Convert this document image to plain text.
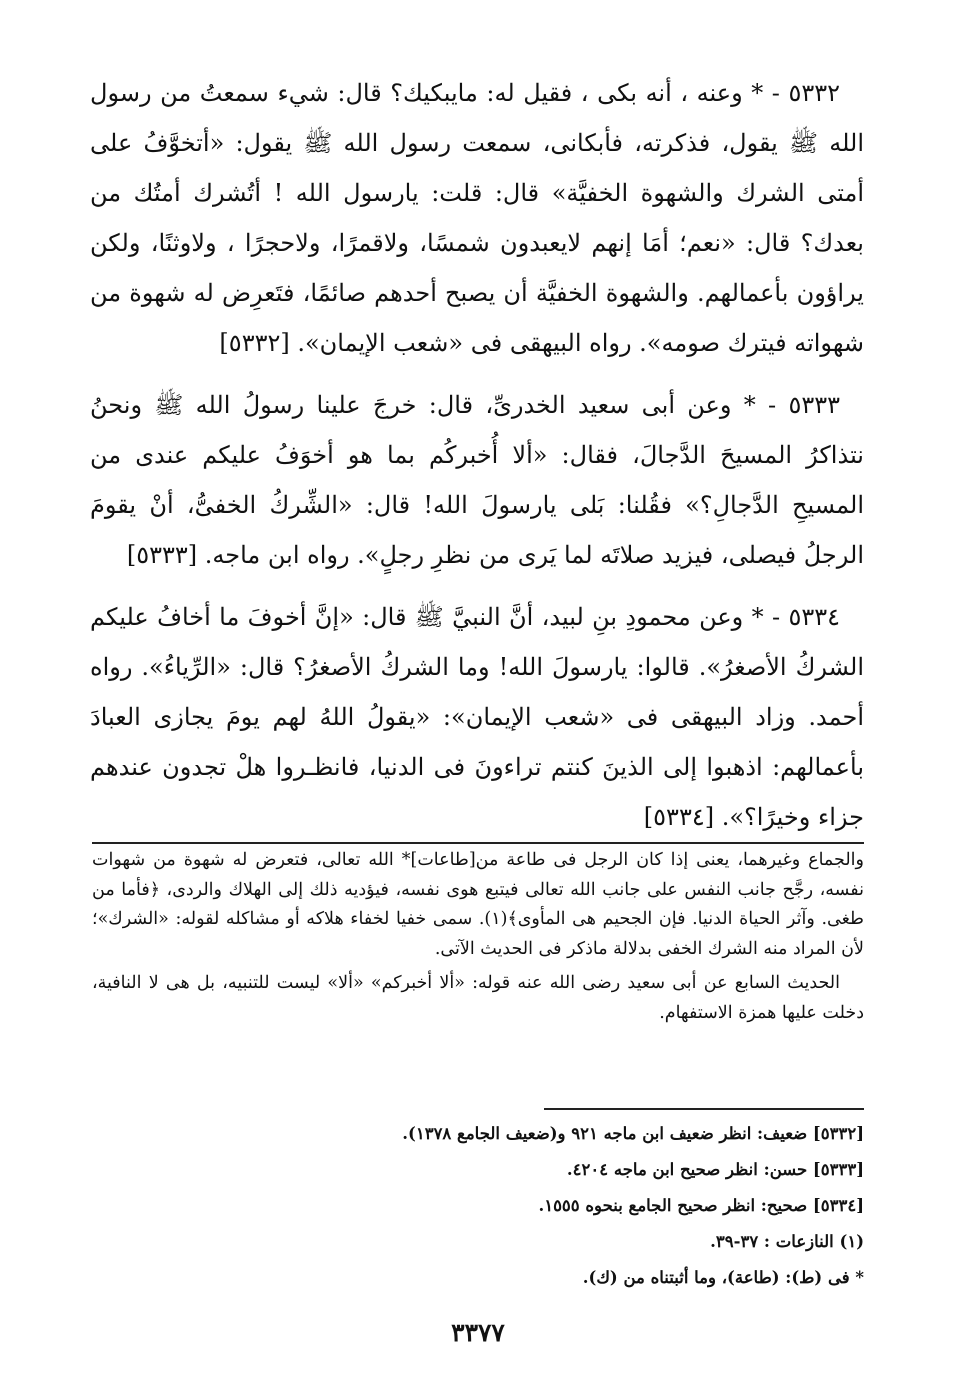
٥٣٣٢ - * وعنه ، أنه بكى ، فقيل له: مايبكيك؟ قال: شيء سمعتُ من رسول الله ﷺ يقول، فذكرته، فأبكانى، سمعت رسول الله ﷺ يقول: «أتخوَّفُ على أمتى الشرك والشهوة الخفيَّة» قال: قلت: يارسول الله ! أتُشرك أمتُك من بعدك؟ قال: «نعم؛ أمَا إنهم لايعبدون شمسًا، ولاقمرًا، ولاحجرًا ، ولاوثنًا، ولكن يراؤون بأعمالهم. والشهوة الخفيَّة أن يصبح أحدهم صائمًا، فتَعرِض له شهوة من شهواته فيترك صومه». رواه البيهقى فى «شعب الإيمان». [٥٣٣٢]

٥٣٣٣ - * وعن أبى سعيد الخدرىِّ، قال: خرجَ علينا رسولُ الله ﷺ ونحنُ نتذاكرُ المسيحَ الدَّجالَ، فقال: «ألا أُخبركُم بما هو أخوَفُ عليكم عندى من المسيحِ الدَّجالِ؟» فقُلنا: بَلى يارسولَ الله! قال: «الشِّركُ الخفىُّ، أنْ يقومَ الرجلُ فيصلى، فيزيد صلاتَه لما يَرى من نظرِ رجلٍ». رواه ابن ماجه. [٥٣٣٣]

٥٣٣٤ - * وعن محمودِ بنِ لبيد، أنَّ النبيَّ ﷺ قال: «إنَّ أخوفَ ما أخافُ عليكم الشركُ الأصغرُ». قالوا: يارسولَ الله! وما الشركُ الأصغرُ؟ قال: «الرِّياءُ». رواه أحمد. وزاد البيهقى فى «شعب الإيمان»: «يقولُ اللهُ لهم يومَ يجازى العبادَ بأعمالهم: اذهبوا إلى الذينَ كنتم تراءونَ فى الدنيا، فانظـروا هلْ تجدون عندهم جزاء وخيرًا؟». [٥٣٣٤]

والجماع وغيرهما، يعنى إذا كان الرجل فى طاعة من[طاعات]* الله تعالى، فتعرض له شهوة من شهوات نفسه، رجَّح جانب النفس على جانب الله تعالى فيتبع هوى نفسه، فيؤديه ذلك إلى الهلاك والردى، ﴿فأما من طغى. وآثر الحياة الدنيا. فإن الجحيم هى المأوى﴾(١). سمى خفيا لخفاء هلاكه أو مشاكله لقوله: «الشرك»؛ لأن المراد منه الشرك الخفى بدلالة ماذكر فى الحديث الآتى.

الحديث السابع عن أبى سعيد رضى الله عنه قوله: «ألا أخبركم» «ألا» ليست للتنبيه، بل هى لا النافية، دخلت عليها همزة الاستفهام.

[٥٣٣٢] ضعيف: انظر ضعيف ابن ماجه ٩٢١ و(ضعيف الجامع ١٣٧٨).

[٥٣٣٣] حسن: انظر صحيح ابن ماجه ٤٢٠٤.

[٥٣٣٤] صحيح: انظر صحيح الجامع بنحوه ١٥٥٥.

(١) النازعات : ٣٧-٣٩.

* فى (ط): (طاعة)، وما أثبتناه من (ك).

٣٣٧٧
